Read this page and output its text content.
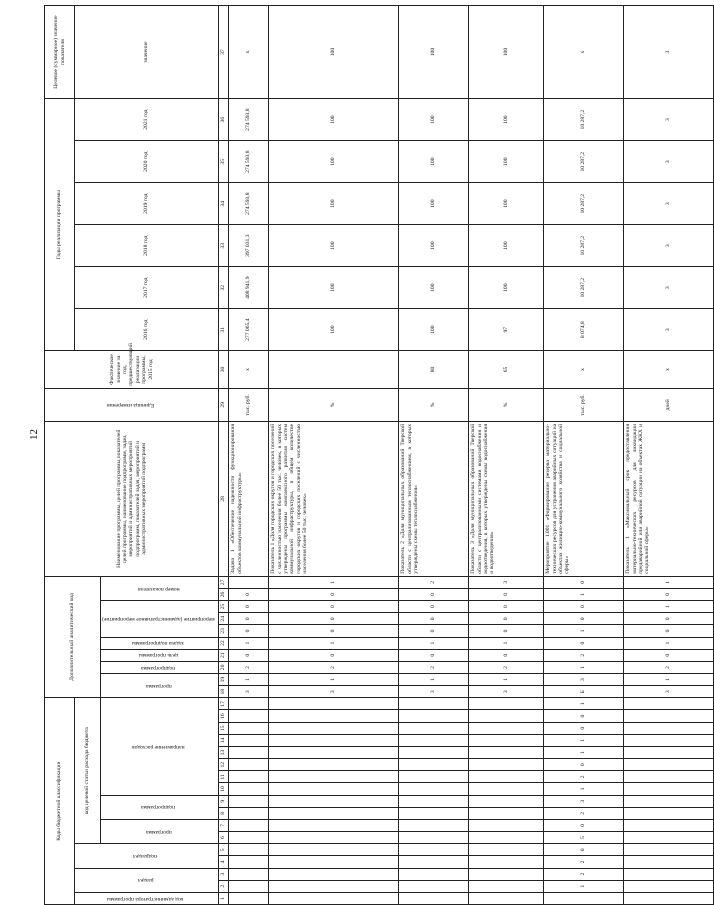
12
Коды бюджетной классификации																	Дополнительный аналитический код										Наименование программы, целей программы,показателей целей программы, наименование подпрограмм, задач, мероприятий и административных мероприятий подпрограмм, показателей задач, мероприятий и административных мероприятий подпрограмм	Единица измерения	Фактическое значение за год, предшествующий реализации программы, 2015 год	Годы реализации программы						Целевое (суммарное) значение показателя
код администратора программы	раздел		подраздел		код целевой статьи расхода бюджета																									2016 год	2017 год	2018 год	2019 год	2020 год	2021 год	значение
					программа		подпрограмма		направление расходов								программа		подпрограмма	цель программы	задача подпрограммы	мероприятие (административное мероприятие)			номер показателя											
1	2	3	4	5	6	7	8	9	10	11	12	13	14	15	16	17	18	19	20	21	22	23	24	25	26	27	28	29	30	31	32	33	34	35	36	37
																	3	1	2	0	1	0	0	0	0		Задача 1 «Обеспечение надежности функционирования объектов коммунальной инфраструктуры»	тыс. руб.	х	277 065,4	408 941,9	397 031,3	274 593,8	274 593,8	274 593,8	х
																	3	1	2	0	1	0	0	0	0	1	Показатель 1 «Доля городских округов и городских поселений с численностью населения более 50 тыс. человек, в которых утверждены программы комплексного развития систем коммунальной инфраструктуры, в общем количестве городских округов и городских поселений с численностью населения более 50 тыс. человек»	%		100	100	100	100	100	100	100
																	3	1	2	0	1	0	0	0	0	2	Показатель 2 «Доля муниципальных образований Тверской области с централизованным теплоснабжением, в которых утверждены схемы теплоснабжения»	%	80	100	100	100	100	100	100	100
																	3	1	2	0	1	0	0	0	0	3	Показатель 3 «Доля муниципальных образований Тверской области с централизованными системами водоснабжения и водоотведения, в которых утверждены схемы водоснабжения и водоотведения»	%	65	97	100	100	100	100	100	100
	1	2	2	0	5	0	2	3	1	2	0	1	1	0	0	1	Б	3	1	2	0	1	0	0	1	0	Мероприятие 1.001 «Формирование резерва материально-технических ресурсов для устранения аварийных ситуаций на объектах жилищно-коммунального хозяйства и социальной сферы»	тыс. руб.	х	8 074,8	10 287,2	10 287,2	10 287,2	10 287,2	10 287,2	х
																	3	1	2	0	1	0	0	1	0	1	Показатель 1 «Максимальный срок предоставления материально-технических ресурсов для ликвидации предаварийной или аварийной ситуации на объектах ЖКХ и социальной сферы»	дней	х	3	3	3	3	3	3	3
